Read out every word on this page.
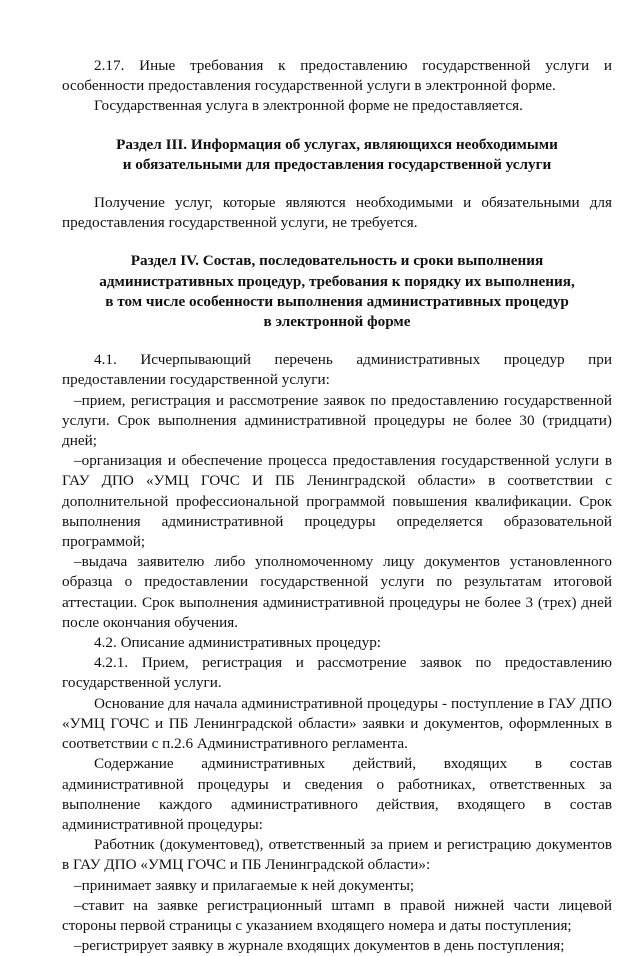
2.17. Иные требования к предоставлению государственной услуги и особенности предоставления государственной услуги в электронной форме.

Государственная услуга в электронной форме не предоставляется.

Раздел III. Информация об услугах, являющихся необходимыми

и обязательными для предоставления государственной услуги

Получение услуг, которые являются необходимыми и обязательными для предоставления государственной услуги, не требуется.

Раздел IV. Состав, последовательность и сроки выполнения

административных процедур, требования к порядку их выполнения,

в том числе особенности выполнения административных процедур

в электронной форме

4.1. Исчерпывающий перечень административных процедур при предоставлении государственной услуги:

–прием, регистрация и рассмотрение заявок по предоставлению государственной услуги. Срок выполнения административной процедуры не более 30 (тридцати) дней;

–организация и обеспечение процесса предоставления государственной услуги в ГАУ ДПО «УМЦ ГОЧС И ПБ Ленинградской области» в соответствии с дополнительной профессиональной программой повышения квалификации. Срок выполнения административной процедуры определяется образовательной программой;

–выдача заявителю либо уполномоченному лицу документов установленного образца о предоставлении государственной услуги по результатам итоговой аттестации. Срок выполнения административной процедуры не более 3 (трех) дней после окончания обучения.

4.2. Описание административных процедур:

4.2.1. Прием, регистрация и рассмотрение заявок по предоставлению государственной услуги.

Основание для начала административной процедуры - поступление в ГАУ ДПО «УМЦ ГОЧС и ПБ Ленинградской области» заявки и документов, оформленных в соответствии с п.2.6 Административного регламента.

Содержание административных действий, входящих в состав административной процедуры и сведения о работниках, ответственных за выполнение каждого административного действия, входящего в состав административной процедуры:

Работник (документовед), ответственный за прием и регистрацию документов в ГАУ ДПО «УМЦ ГОЧС и ПБ Ленинградской области»:

–принимает заявку и прилагаемые к ней документы;

–ставит на заявке регистрационный штамп в правой нижней части лицевой стороны первой страницы с указанием входящего номера и даты поступления;

–регистрирует заявку в журнале входящих документов в день поступления;
